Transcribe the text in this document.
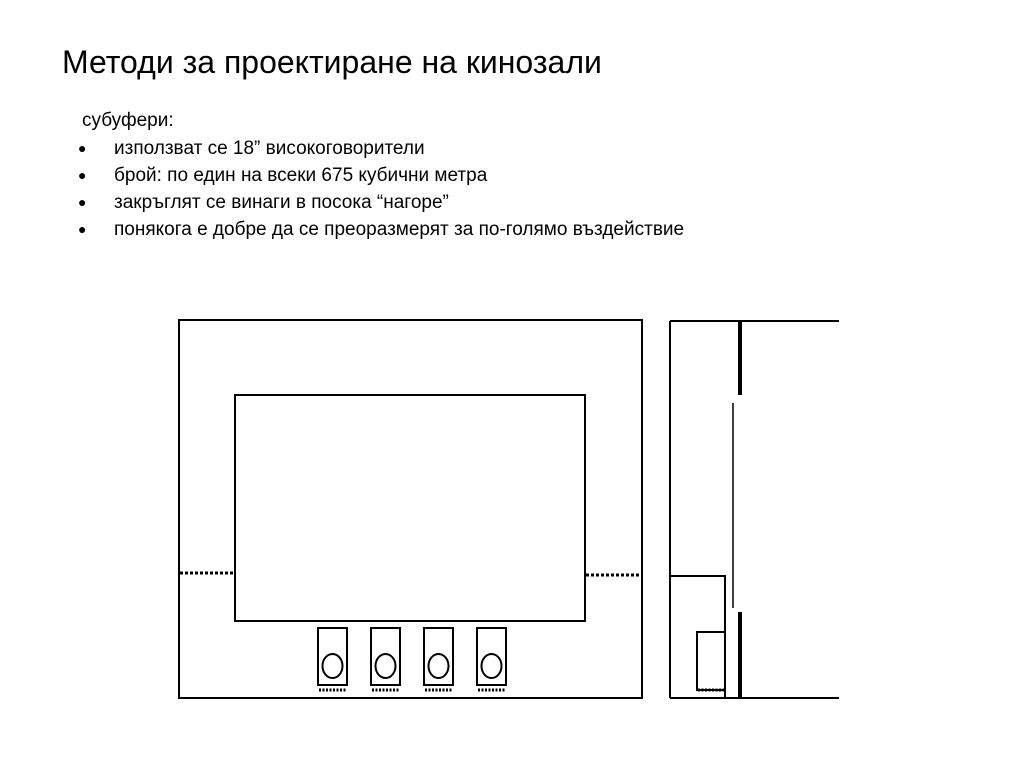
Методи за проектиране на кинозали
субуфери:
● използват се 18” високоговорители
● брой: по един на всеки 675 кубични метра
● закръглят се винаги в посока “нагоре”
● понякога е добре да се преоразмерят за по-голямо въздействие
